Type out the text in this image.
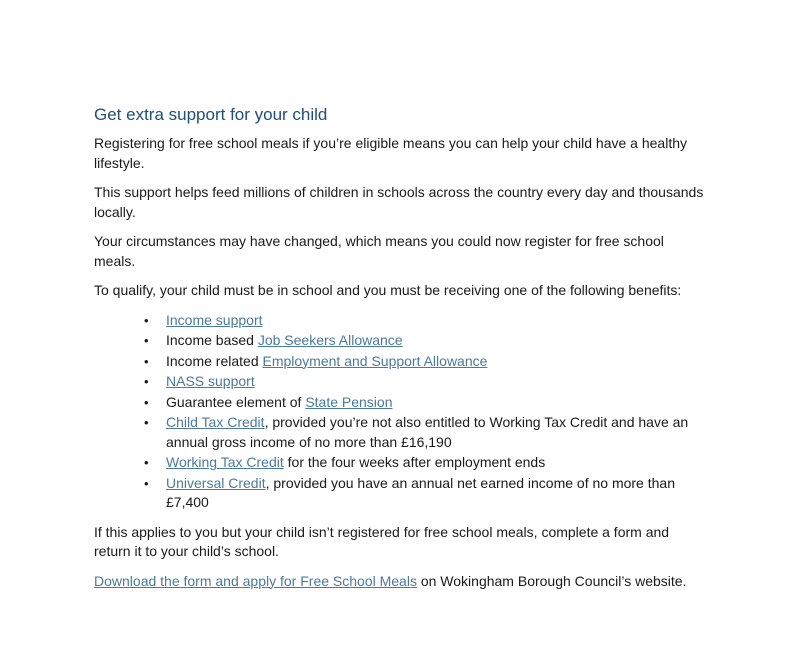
Get extra support for your child

Registering for free school meals if you’re eligible means you can help your child have a healthy lifestyle.

This support helps feed millions of children in schools across the country every day and thousands locally.

Your circumstances may have changed, which means you could now register for free school meals.

To qualify, your child must be in school and you must be receiving one of the following benefits:

• Income support
• Income based Job Seekers Allowance
• Income related Employment and Support Allowance
• NASS support
• Guarantee element of State Pension
• Child Tax Credit, provided you’re not also entitled to Working Tax Credit and have an annual gross income of no more than £16,190
• Working Tax Credit for the four weeks after employment ends
• Universal Credit, provided you have an annual net earned income of no more than £7,400

If this applies to you but your child isn’t registered for free school meals, complete a form and return it to your child’s school.

Download the form and apply for Free School Meals on Wokingham Borough Council’s website.
